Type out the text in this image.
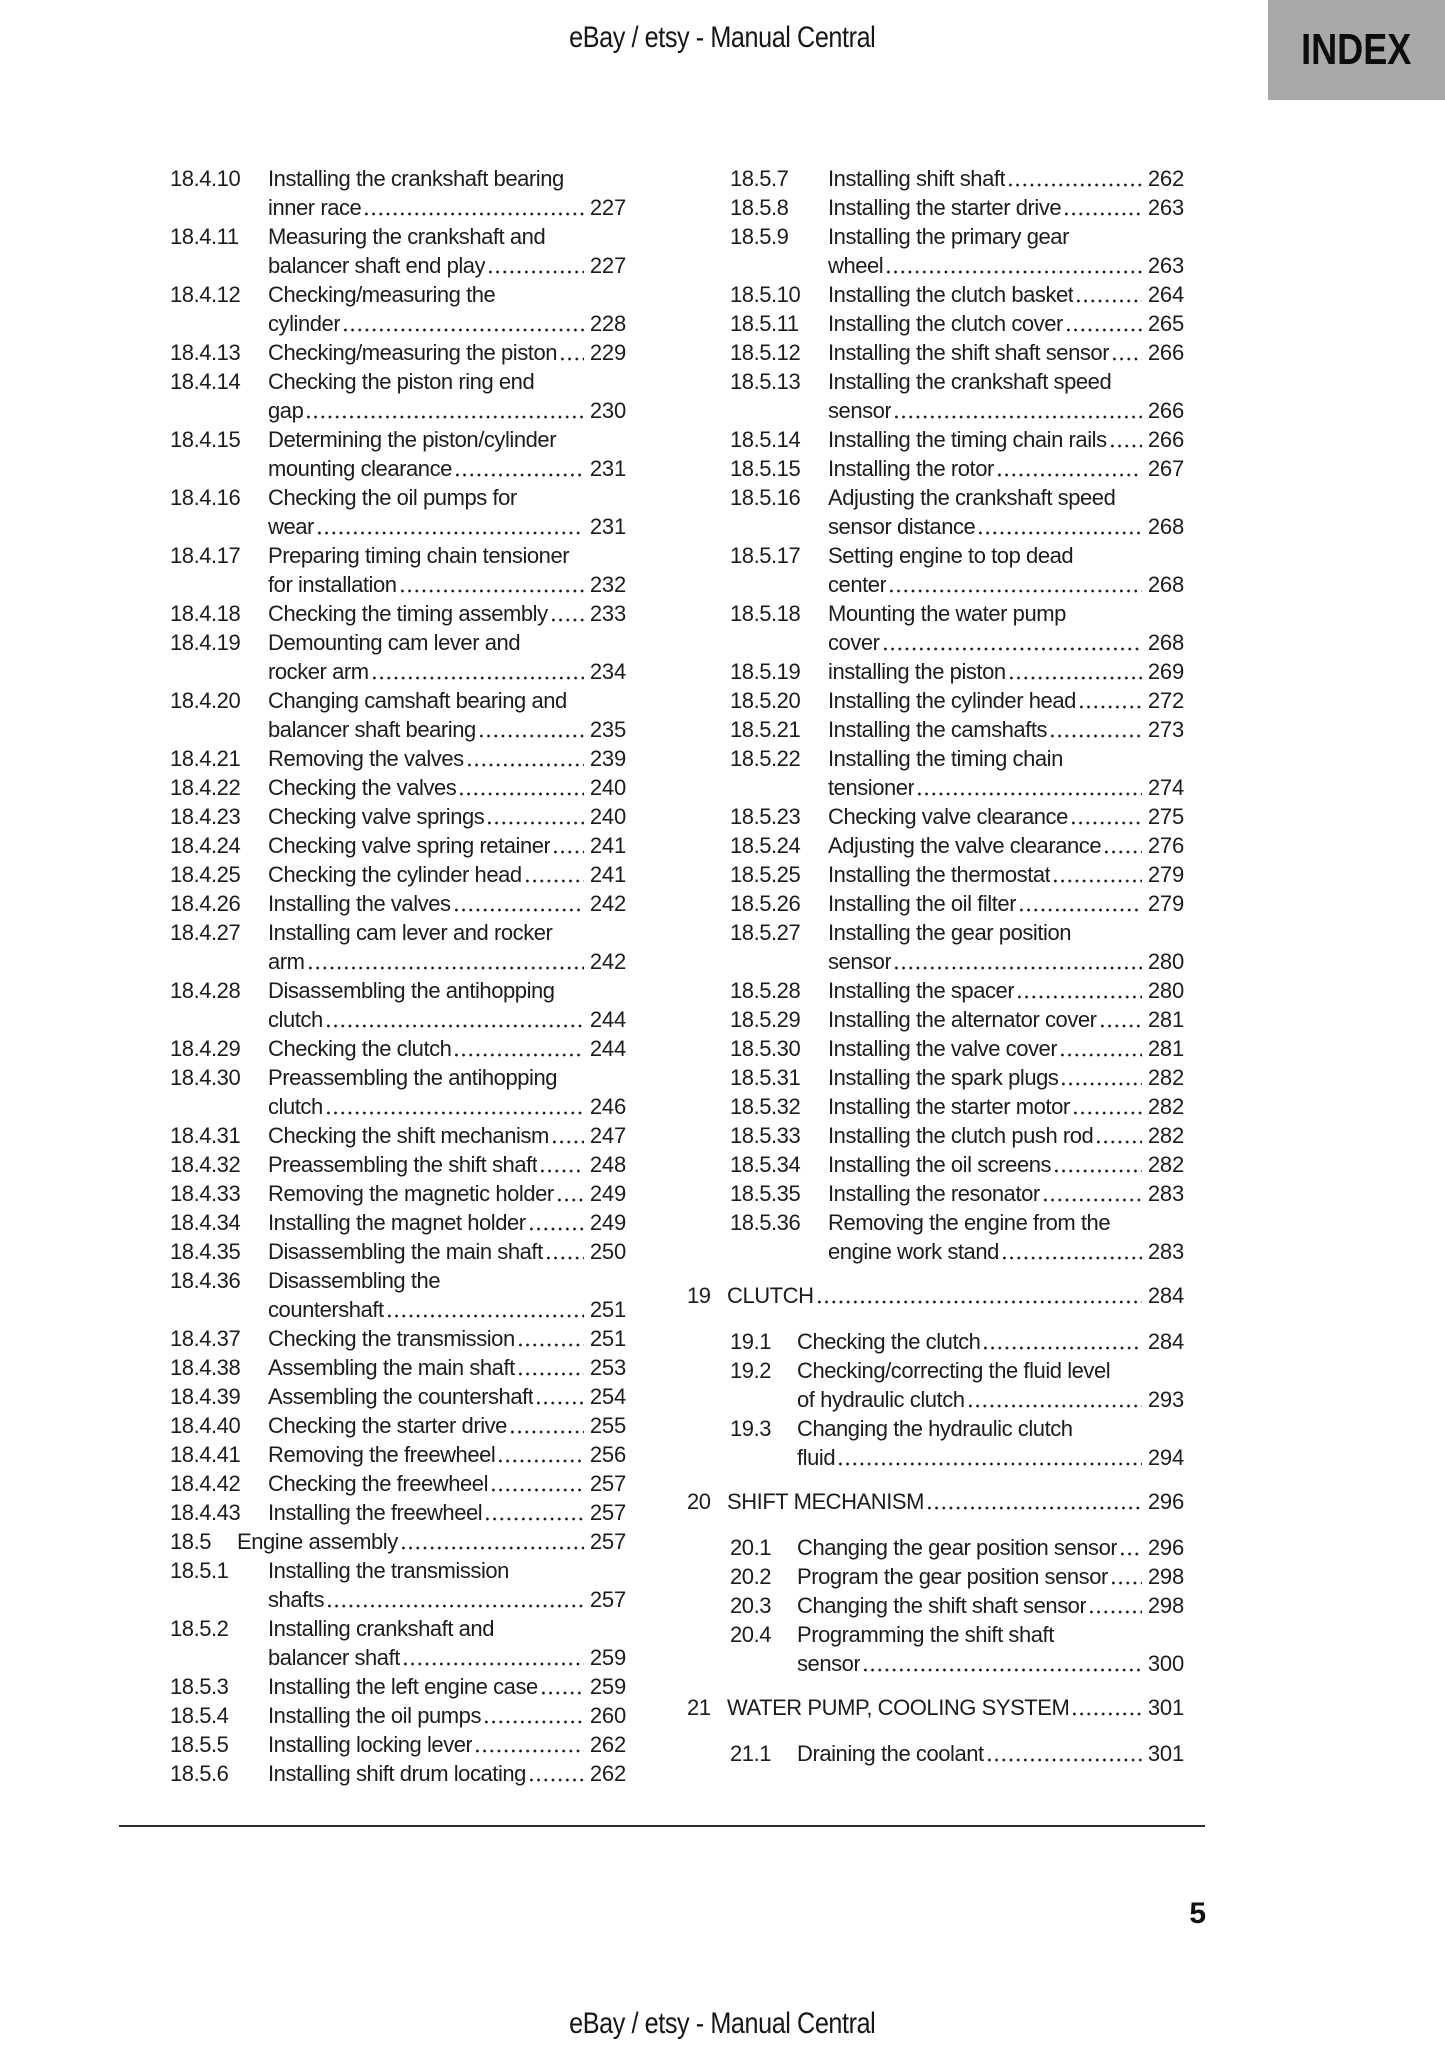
eBay / etsy - Manual Central	INDEX
18.4.10	Installing the crankshaft bearing
inner race	227
18.4.11	Measuring the crankshaft and
balancer shaft end play	227
18.4.12	Checking/measuring the
cylinder	228
18.4.13	Checking/measuring the piston 229
18.4.14	Checking the piston ring end
gap	230
18.4.15	Determining the piston/cylinder
mounting clearance	231
18.4.16	Checking the oil pumps for
wear	231
18.4.17	Preparing timing chain tensioner
for installation	232
18.4.18	Checking the timing assembly 233
18.4.19	Demounting cam lever and
rocker arm	234
18.4.20	Changing camshaft bearing and
balancer shaft bearing	235
18.4.21	Removing the valves	239
18.4.22	Checking the valves	240
18.4.23	Checking valve springs	240
18.4.24	Checking valve spring retainer 241
18.4.25	Checking the cylinder head	241
18.4.26	Installing the valves	242
18.4.27	Installing cam lever and rocker
arm	242
18.4.28	Disassembling the antihopping
clutch	244
18.4.29	Checking the clutch	244
18.4.30	Preassembling the antihopping
clutch	246
18.4.31	Checking the shift mechanism 247
18.4.32	Preassembling the shift shaft 248
18.4.33	Removing the magnetic holder 249
18.4.34	Installing the magnet holder	249
18.4.35	Disassembling the main shaft 250
18.4.36	Disassembling the
countershaft	251
18.4.37	Checking the transmission	251
18.4.38	Assembling the main shaft	253
18.4.39	Assembling the countershaft	254
18.4.40	Checking the starter drive	255
18.4.41	Removing the freewheel	256
18.4.42	Checking the freewheel	257
18.4.43	Installing the freewheel	257
18.5	Engine assembly	257
18.5.1	Installing the transmission
shafts	257
18.5.2	Installing crankshaft and
balancer shaft	259
18.5.3	Installing the left engine case 259
18.5.4	Installing the oil pumps	260
18.5.5	Installing locking lever	262
18.5.6	Installing shift drum locating	262
18.5.7	Installing shift shaft	262
18.5.8	Installing the starter drive	263
18.5.9	Installing the primary gear
wheel	263
18.5.10	Installing the clutch basket	264
18.5.11	Installing the clutch cover	265
18.5.12	Installing the shift shaft sensor 266
18.5.13	Installing the crankshaft speed
sensor	266
18.5.14	Installing the timing chain rails 266
18.5.15	Installing the rotor	267
18.5.16	Adjusting the crankshaft speed
sensor distance	268
18.5.17	Setting engine to top dead
center	268
18.5.18	Mounting the water pump
cover	268
18.5.19	installing the piston	269
18.5.20	Installing the cylinder head	272
18.5.21	Installing the camshafts	273
18.5.22	Installing the timing chain
tensioner	274
18.5.23	Checking valve clearance	275
18.5.24	Adjusting the valve clearance 276
18.5.25	Installing the thermostat	279
18.5.26	Installing the oil filter	279
18.5.27	Installing the gear position
sensor	280
18.5.28	Installing the spacer	280
18.5.29	Installing the alternator cover 281
18.5.30	Installing the valve cover	281
18.5.31	Installing the spark plugs	282
18.5.32	Installing the starter motor	282
18.5.33	Installing the clutch push rod 282
18.5.34	Installing the oil screens	282
18.5.35	Installing the resonator	283
18.5.36	Removing the engine from the
engine work stand	283
19 CLUTCH	284
19.1	Checking the clutch	284
19.2	Checking/correcting the fluid level
of hydraulic clutch	293
19.3	Changing the hydraulic clutch
fluid	294
20 SHIFT MECHANISM	296
20.1	Changing the gear position sensor 296
20.2	Program the gear position sensor 298
20.3	Changing the shift shaft sensor	298
20.4	Programming the shift shaft
sensor	300
21 WATER PUMP, COOLING SYSTEM	301
21.1	Draining the coolant	301
5
eBay / etsy - Manual Central
